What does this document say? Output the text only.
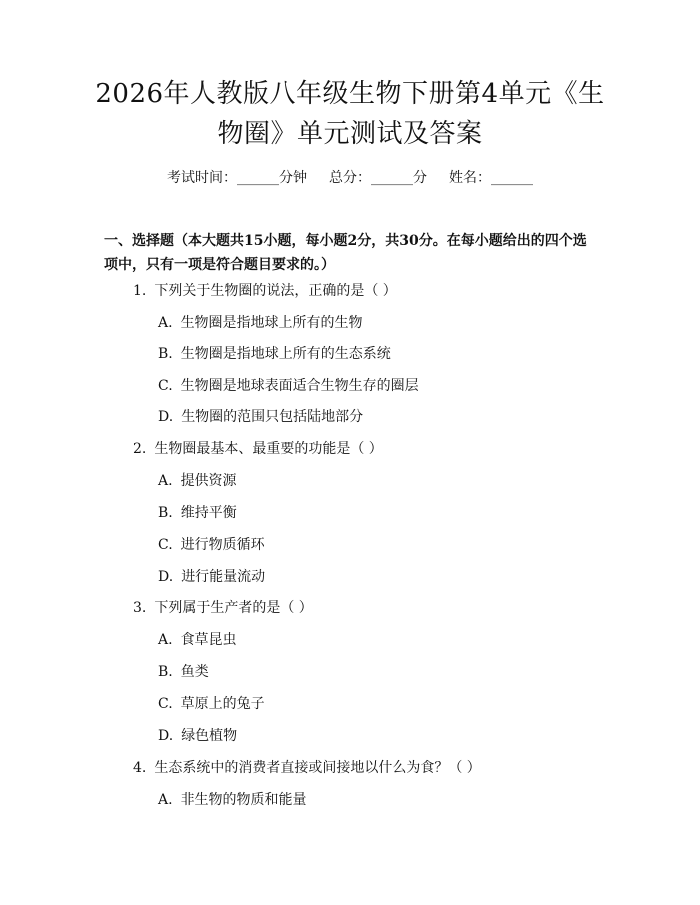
2026年人教版八年级生物下册第4单元《生
物圈》单元测试及答案
考试时间：______分钟 总分：______分 姓名：______
一、选择题（本大题共15小题，每小题2分，共30分。在每小题给出的四个选
项中，只有一项是符合题目要求的。）
1. 下列关于生物圈的说法，正确的是（ ）
A. 生物圈是指地球上所有的生物
B. 生物圈是指地球上所有的生态系统
C. 生物圈是地球表面适合生物生存的圈层
D. 生物圈的范围只包括陆地部分
2. 生物圈最基本、最重要的功能是（ ）
A. 提供资源
B. 维持平衡
C. 进行物质循环
D. 进行能量流动
3. 下列属于生产者的是（ ）
A. 食草昆虫
B. 鱼类
C. 草原上的兔子
D. 绿色植物
4. 生态系统中的消费者直接或间接地以什么为食？（ ）
A. 非生物的物质和能量
